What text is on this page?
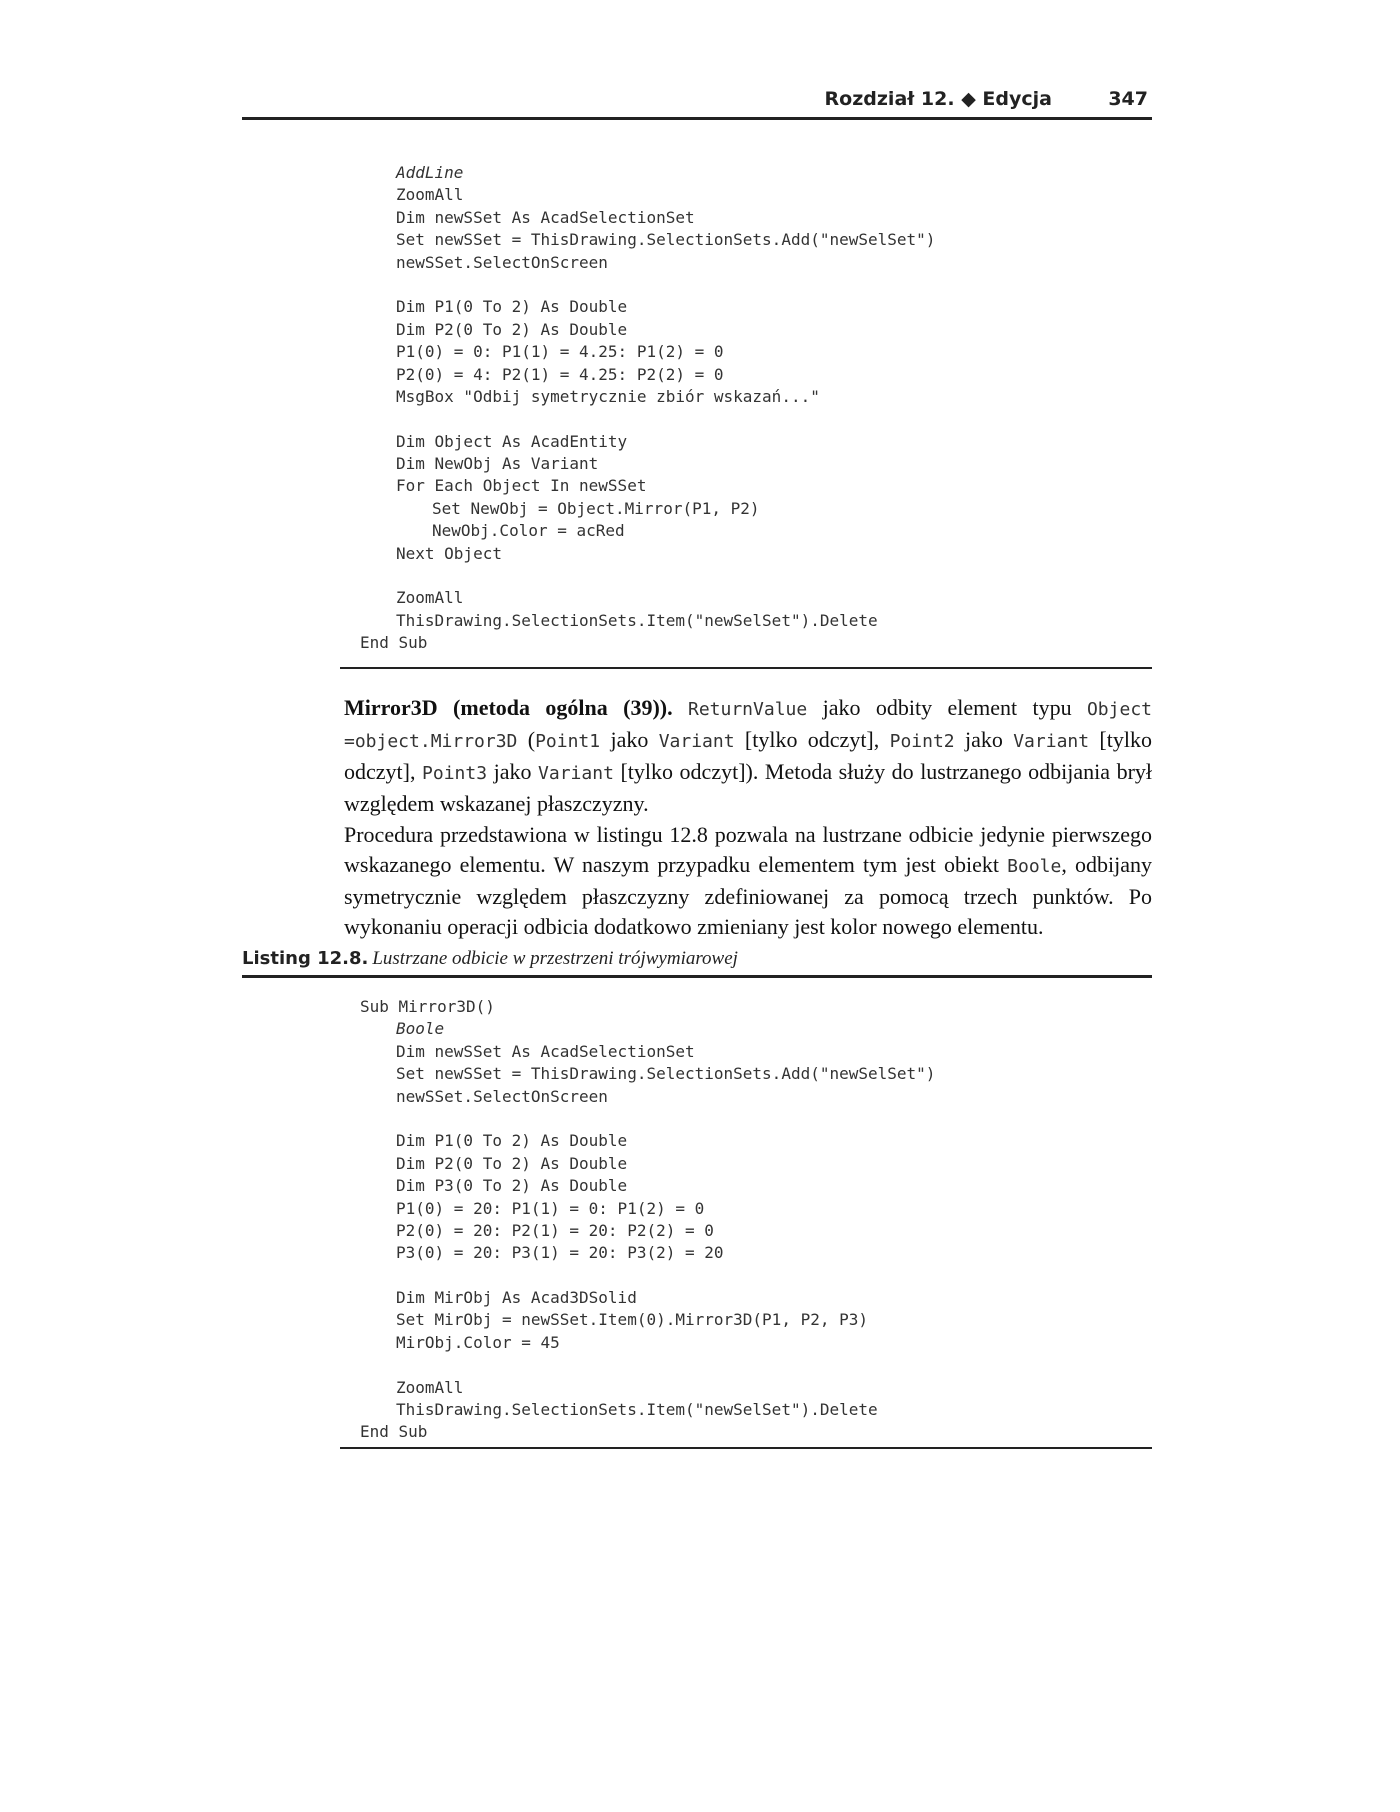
Rozdział 12. ◆ Edycja	347
AddLine
ZoomAll
Dim newSSet As AcadSelectionSet
Set newSSet = ThisDrawing.SelectionSets.Add("newSelSet")
newSSet.SelectOnScreen
Dim P1(0 To 2) As Double
Dim P2(0 To 2) As Double
P1(0) = 0: P1(1) = 4.25: P1(2) = 0
P2(0) = 4: P2(1) = 4.25: P2(2) = 0
MsgBox "Odbij symetrycznie zbiór wskazań..."
Dim Object As AcadEntity
Dim NewObj As Variant
For Each Object In newSSet
Set NewObj = Object.Mirror(P1, P2)
NewObj.Color = acRed
Next Object
ZoomAll
ThisDrawing.SelectionSets.Item("newSelSet").Delete
End Sub

Mirror3D (metoda ogólna (39)). ReturnValue jako odbity element typu Object =object.Mirror3D (Point1 jako Variant [tylko odczyt], Point2 jako Variant [tylko odczyt], Point3 jako Variant [tylko odczyt]). Metoda służy do lustrzanego odbijania brył względem wskazanej płaszczyzny.

Procedura przedstawiona w listingu 12.8 pozwala na lustrzane odbicie jedynie pierwszego wskazanego elementu. W naszym przypadku elementem tym jest obiekt Boole, odbijany symetrycznie względem płaszczyzny zdefiniowanej za pomocą trzech punktów. Po wykonaniu operacji odbicia dodatkowo zmieniany jest kolor nowego elementu.

Listing 12.8. Lustrzane odbicie w przestrzeni trójwymiarowej
Sub Mirror3D()
Boole
Dim newSSet As AcadSelectionSet
Set newSSet = ThisDrawing.SelectionSets.Add("newSelSet")
newSSet.SelectOnScreen
Dim P1(0 To 2) As Double
Dim P2(0 To 2) As Double
Dim P3(0 To 2) As Double
P1(0) = 20: P1(1) = 0: P1(2) = 0
P2(0) = 20: P2(1) = 20: P2(2) = 0
P3(0) = 20: P3(1) = 20: P3(2) = 20
Dim MirObj As Acad3DSolid
Set MirObj = newSSet.Item(0).Mirror3D(P1, P2, P3)
MirObj.Color = 45
ZoomAll
ThisDrawing.SelectionSets.Item("newSelSet").Delete
End Sub
